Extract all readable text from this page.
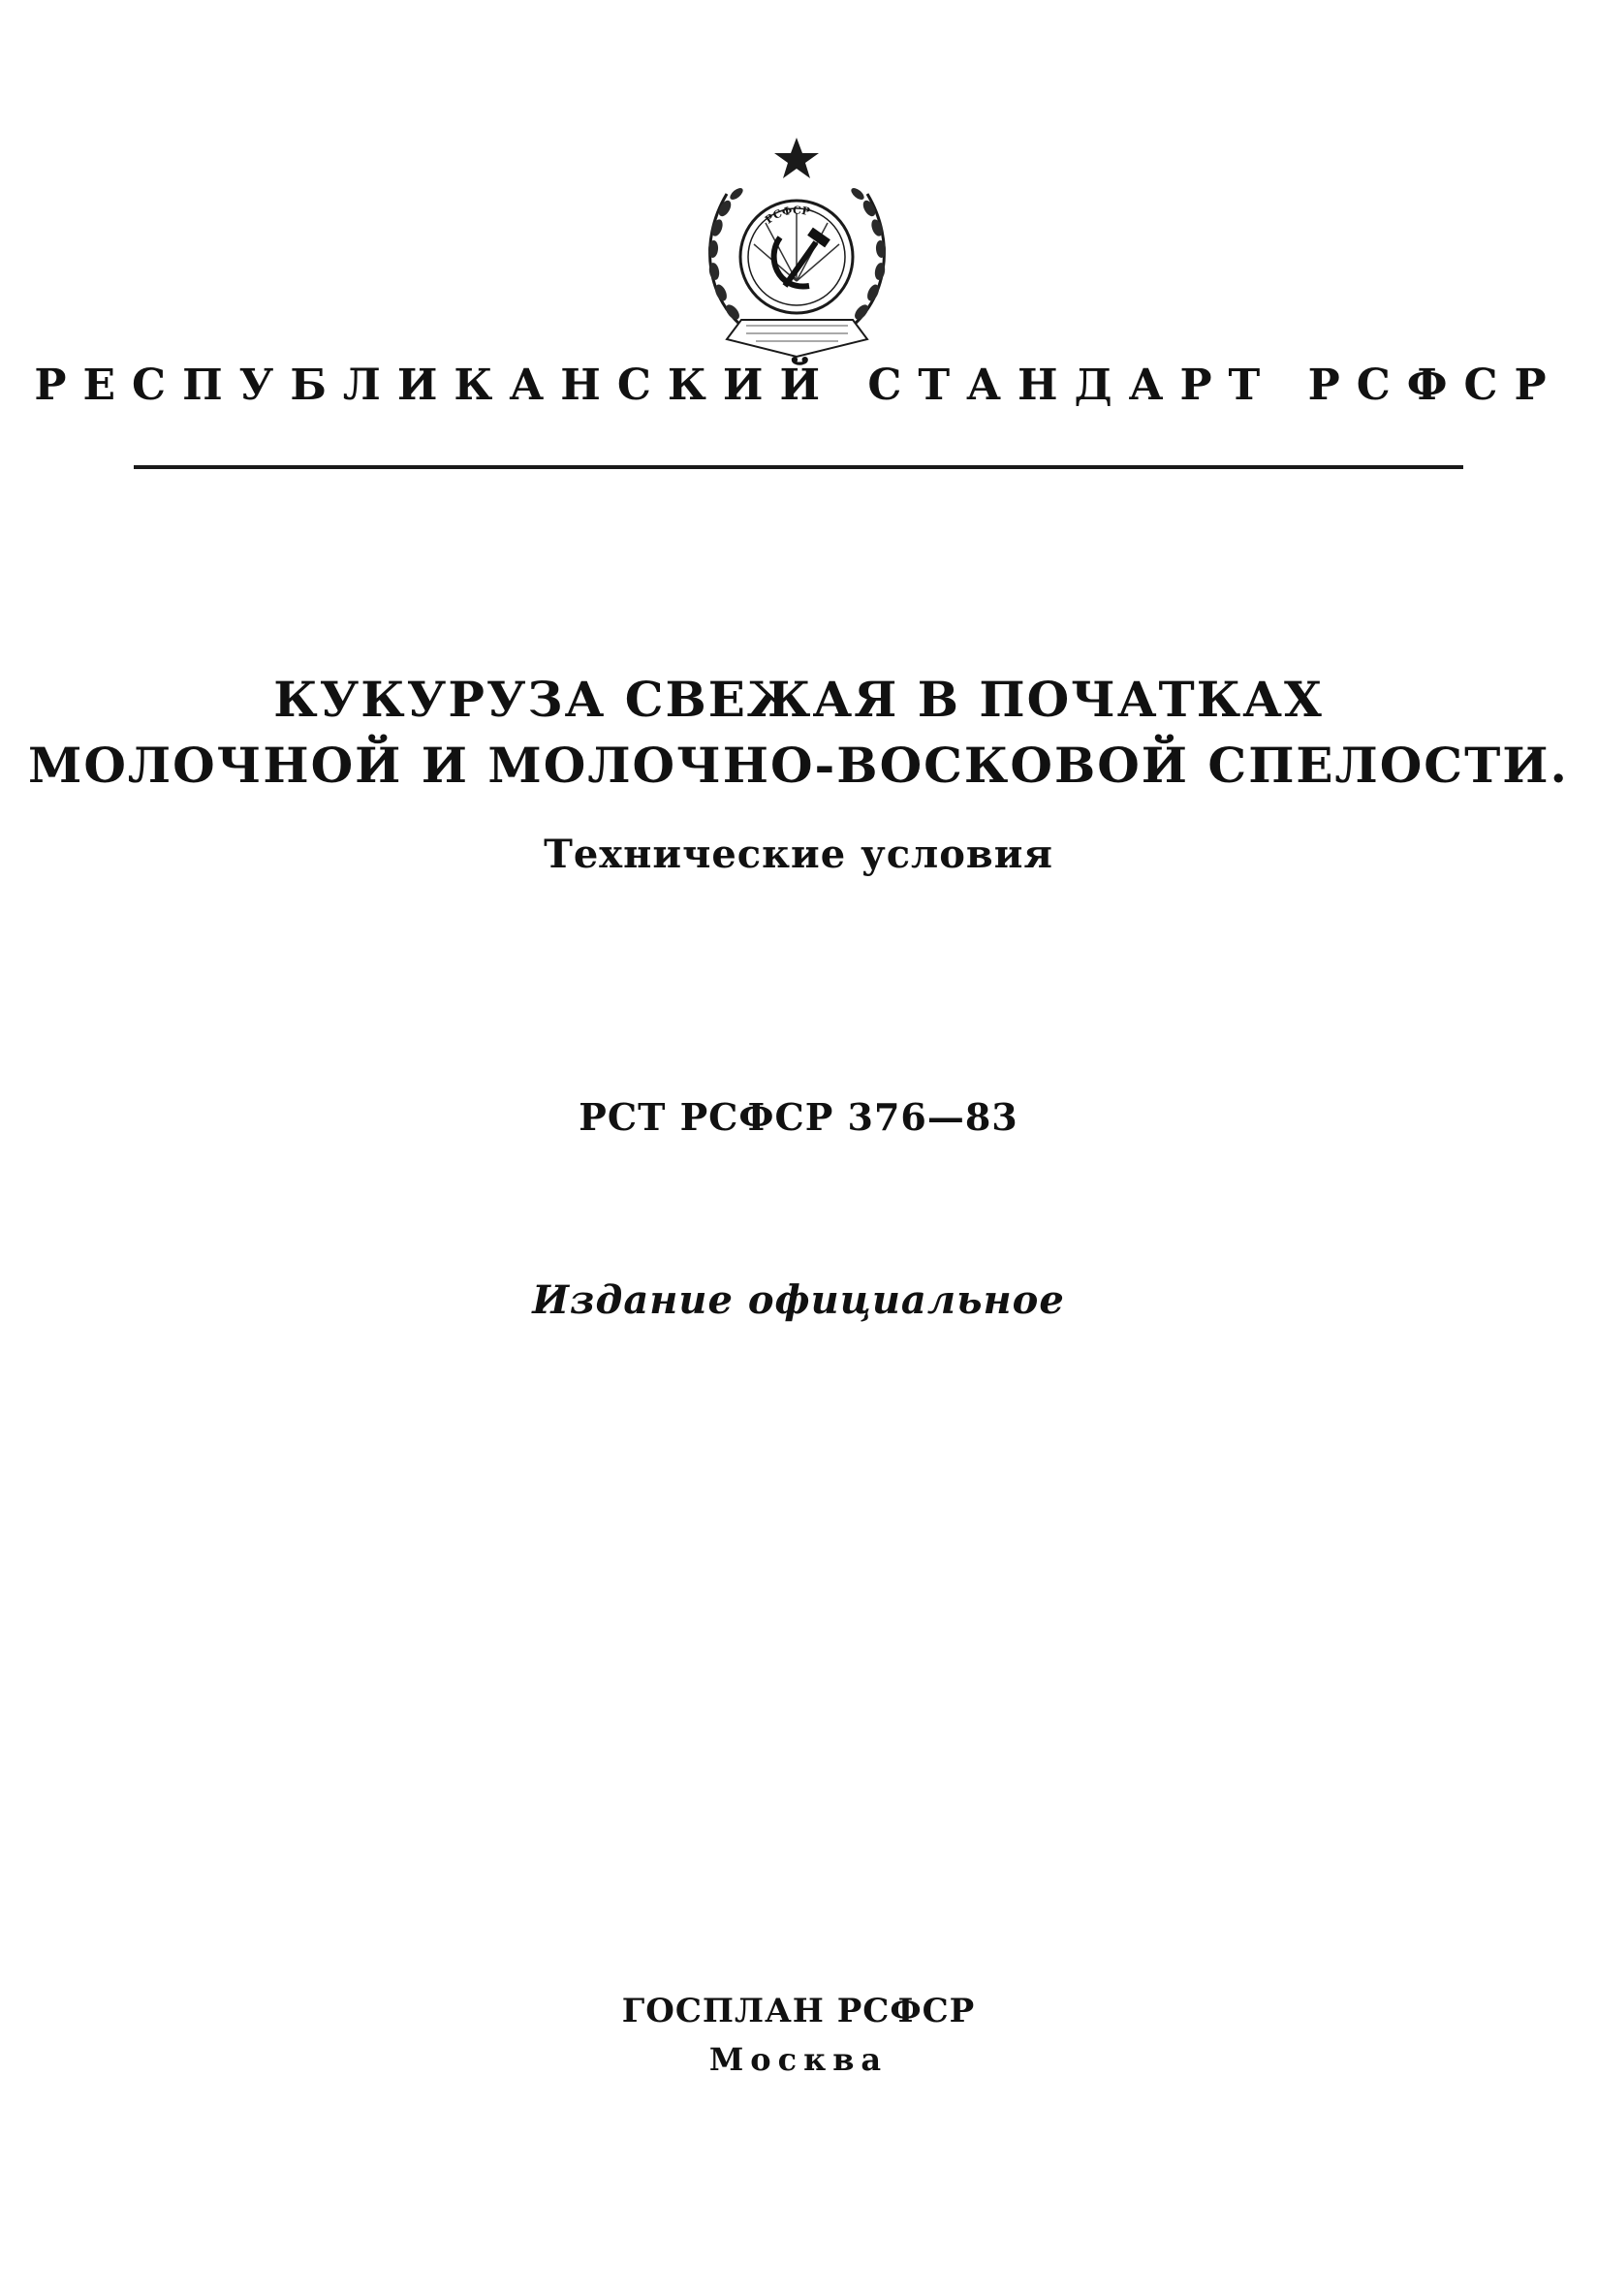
РСФСР
РЕСПУБЛИКАНСКИЙ СТАНДАРТ РСФСР
КУКУРУЗА СВЕЖАЯ В ПОЧАТКАХ
МОЛОЧНОЙ И МОЛОЧНО-ВОСКОВОЙ СПЕЛОСТИ.
Технические условия
РСТ РСФСР 376—83
Издание официальное
ГОСПЛАН РСФСР
Москва
